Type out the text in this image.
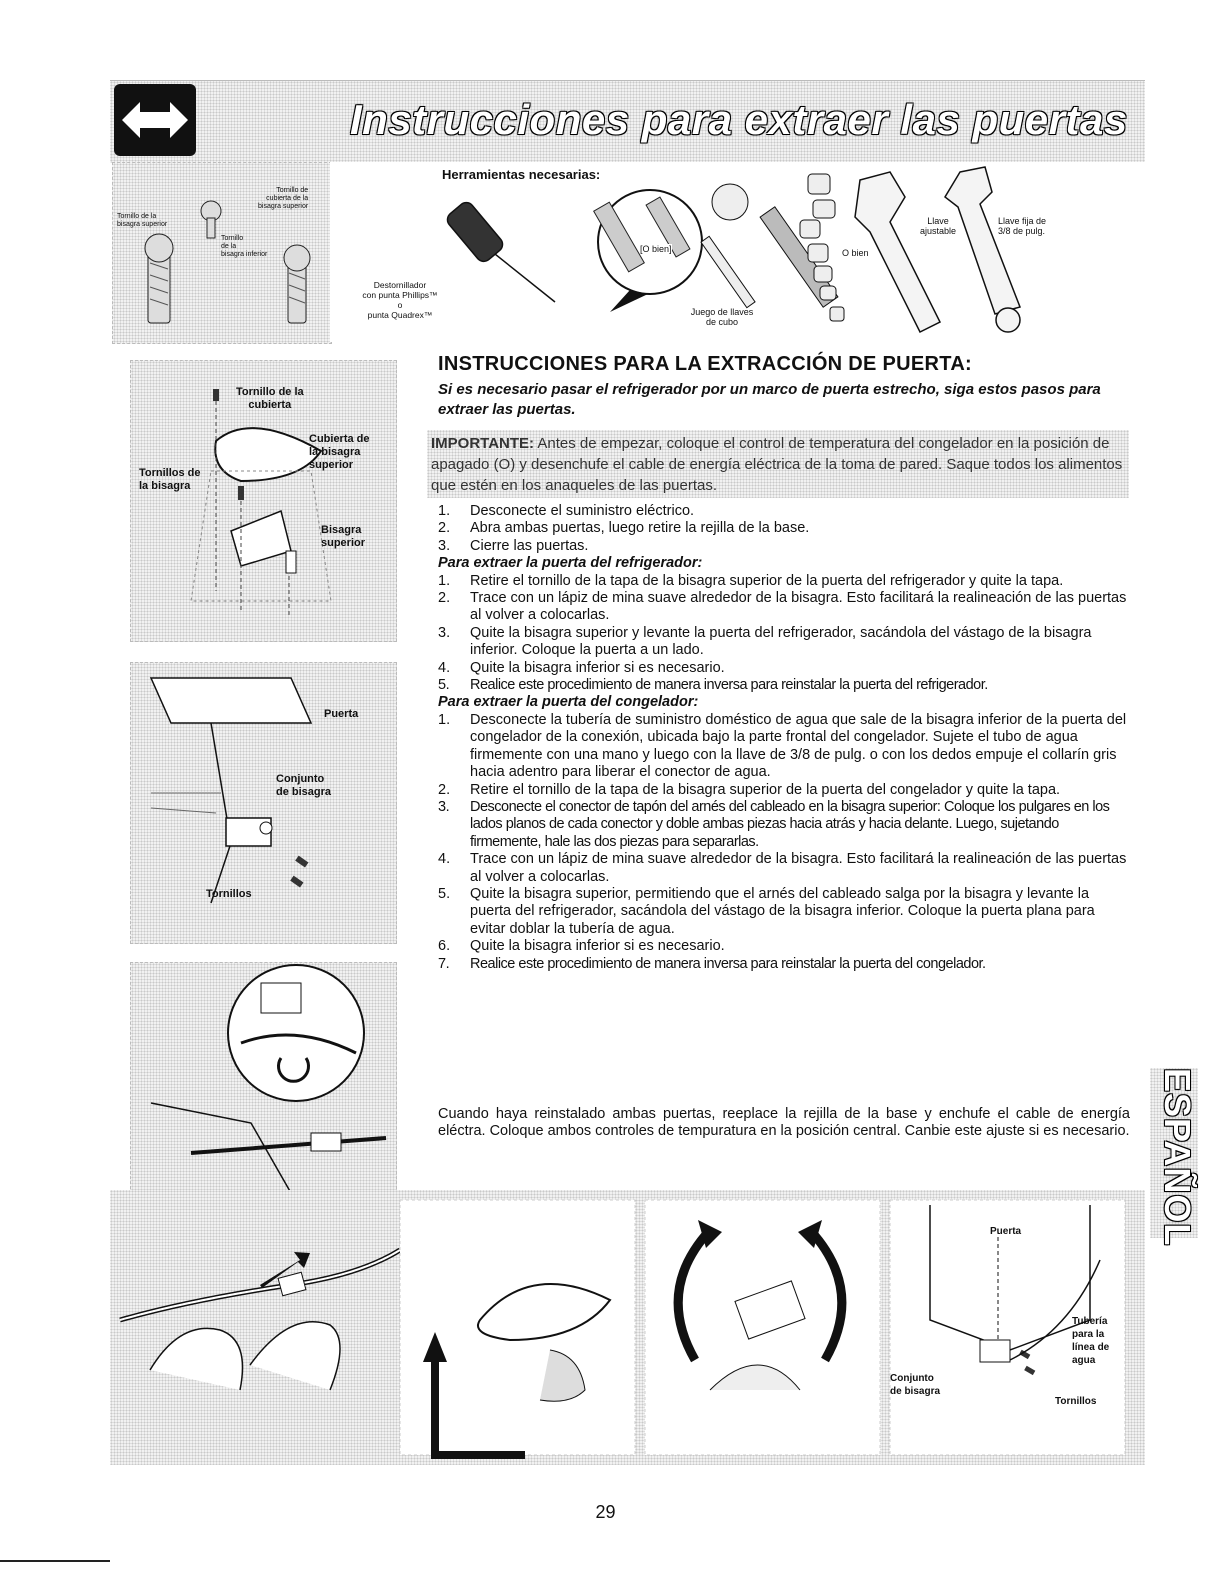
Instrucciones para extraer las puertas
Tornillo de
cubierta de la
bisagra superior
Tornillo de la
bisagra superior
Tornillo
de la
bisagra inferior
Herramientas necesarias:
Destornillador
con punta Phillips™
o
punta Quadrex™
[O bien]
Juego de llaves
de cubo
O bien
Llave
ajustable
Llave fija de
3/8 de pulg.
Tornillo de la
cubierta
Cubierta de
la bisagra
superior
Tornillos de
la bisagra
Bisagra
superior
Puerta
Conjunto
de bisagra
Tornillos
INSTRUCCIONES PARA LA EXTRACCIÓN DE PUERTA:
Si es necesario pasar el refrigerador por un marco de puerta estrecho, siga estos pasos para extraer las puertas.
IMPORTANTE: Antes de empezar, coloque el control de temperatura del congelador en la posición de apagado (O) y desenchufe el cable de energía eléctrica de la toma de pared. Saque todos los alimentos que estén en los anaqueles de las puertas.
1. Desconecte el suministro eléctrico.
2. Abra ambas puertas, luego retire la rejilla de la base.
3. Cierre las puertas.
Para extraer la puerta del refrigerador:
1. Retire el tornillo de la tapa de la bisagra superior de la puerta del refrigerador y quite la tapa.
2. Trace con un lápiz de mina suave alrededor de la bisagra. Esto facilitará la realineación de las puertas al volver a colocarlas.
3. Quite la bisagra superior y levante la puerta del refrigerador, sacándola del vástago de la bisagra inferior. Coloque la puerta a un lado.
4. Quite la bisagra inferior si es necesario.
5. Realice este procedimiento de manera inversa para reinstalar la puerta del refrigerador.
Para extraer la puerta del congelador:
1. Desconecte la tubería de suministro doméstico de agua que sale de la bisagra inferior de la puerta del congelador de la conexión, ubicada bajo la parte frontal del congelador. Sujete el tubo de agua firmemente con una mano y luego con la llave de 3/8 de pulg. o con los dedos empuje el collarín gris hacia adentro para liberar el conector de agua.
2. Retire el tornillo de la tapa de la bisagra superior de la puerta del congelador y quite la tapa.
3. Desconecte el conector de tapón del arnés del cableado en la bisagra superior: Coloque los pulgares en los lados planos de cada conector y doble ambas piezas hacia atrás y hacia delante. Luego, sujetando firmemente, hale las dos piezas para separarlas.
4. Trace con un lápiz de mina suave alrededor de la bisagra. Esto facilitará la realineación de las puertas al volver a colocarlas.
5. Quite la bisagra superior, permitiendo que el arnés del cableado salga por la bisagra y levante la puerta del refrigerador, sacándola del vástago de la bisagra inferior. Coloque la puerta plana para evitar doblar la tubería de agua.
6. Quite la bisagra inferior si es necesario.
7. Realice este procedimiento de manera inversa para reinstalar la puerta del congelador.
Cuando haya reinstalado ambas puertas, reeplace la rejilla de la base y enchufe el cable de energía eléctra. Coloque ambos controles de tempuratura en la posición central. Canbie este ajuste si es necesario. ESPAÑOL
Puerta
Tubería
para la
línea de
agua
Conjunto
de bisagra
Tornillos
29
